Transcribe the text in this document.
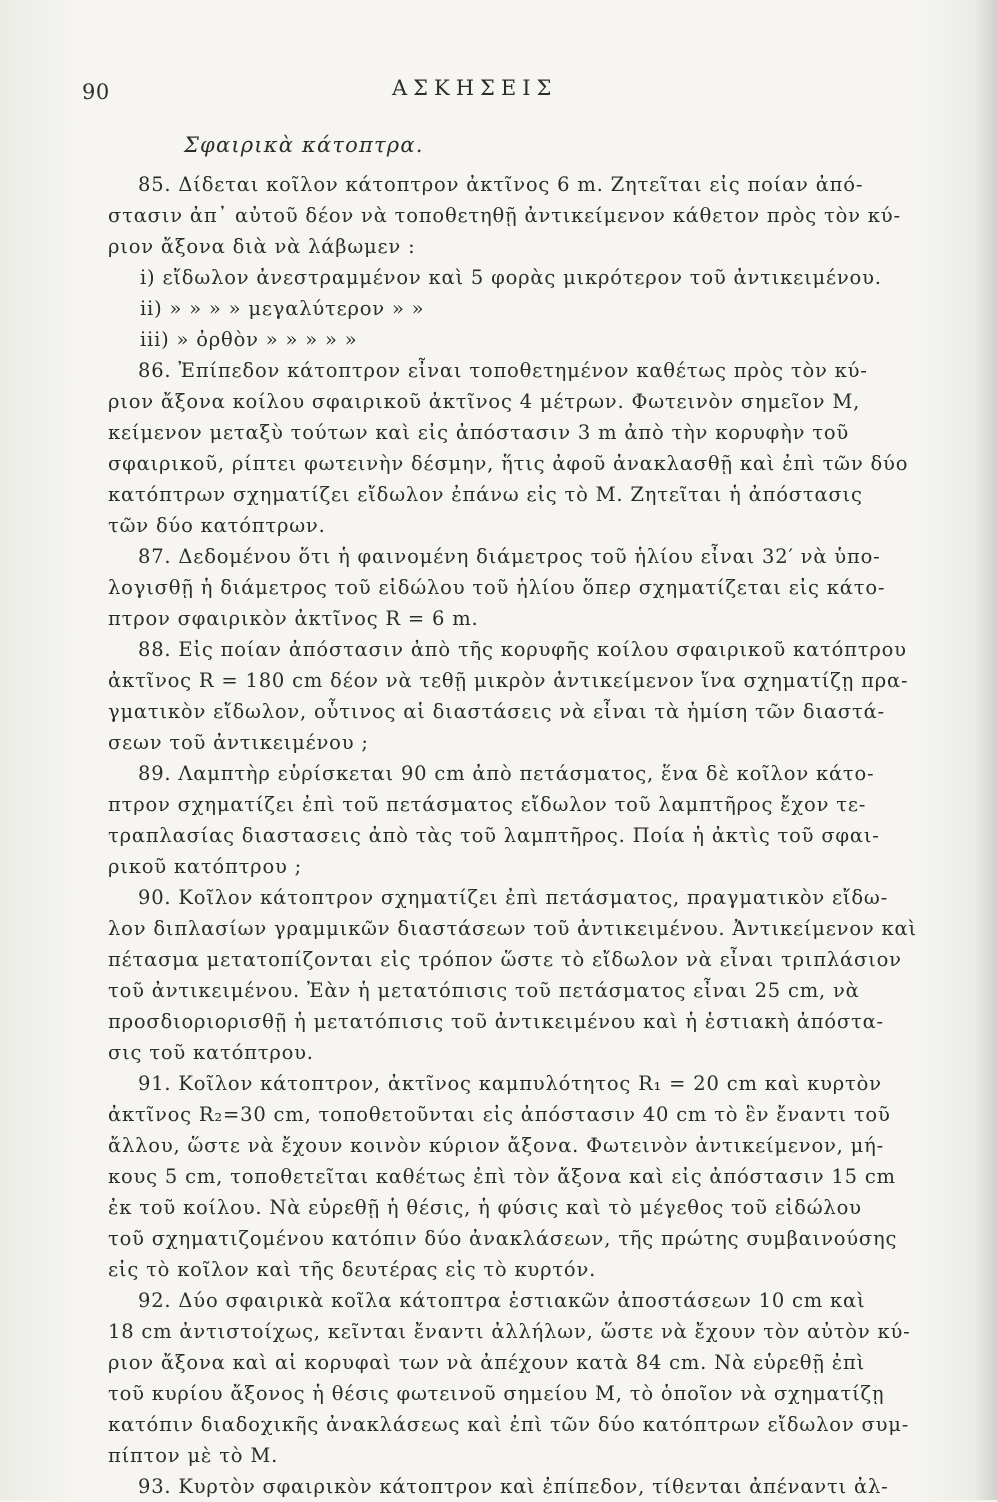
90	ΑΣΚΗΣΕΙΣ
Σφαιρικὰ κάτοπτρα.
85. Δίδεται κοῖλον κάτοπτρον ἀκτῖνος 6 m. Ζητεῖται εἰς ποίαν ἀπό-
στασιν ἀπ᾽ αὐτοῦ δέον νὰ τοποθετηθῇ ἀντικείμενον κάθετον πρὸς τὸν κύ-
ριον ἄξονα διὰ νὰ λάβωμεν :
i) εἴδωλον ἀνεστραμμένον καὶ 5 φορὰς μικρότερον τοῦ ἀντικειμένου.
ii) » » » » μεγαλύτερον » »
iii) » ὀρθὸν » » » » »
86. Ἐπίπεδον κάτοπτρον εἶναι τοποθετημένον καθέτως πρὸς τὸν κύ-
ριον ἄξονα κοίλου σφαιρικοῦ ἀκτῖνος 4 μέτρων. Φωτεινὸν σημεῖον Μ,
κείμενον μεταξὺ τούτων καὶ εἰς ἀπόστασιν 3 m ἀπὸ τὴν κορυφὴν τοῦ
σφαιρικοῦ, ρίπτει φωτεινὴν δέσμην, ἥτις ἀφοῦ ἀνακλασθῇ καὶ ἐπὶ τῶν δύο
κατόπτρων σχηματίζει εἴδωλον ἐπάνω εἰς τὸ Μ. Ζητεῖται ἡ ἀπόστασις
τῶν δύο κατόπτρων.
87. Δεδομένου ὅτι ἡ φαινομένη διάμετρος τοῦ ἡλίου εἶναι 32′ νὰ ὑπο-
λογισθῇ ἡ διάμετρος τοῦ εἰδώλου τοῦ ἡλίου ὅπερ σχηματίζεται εἰς κάτο-
πτρον σφαιρικὸν ἀκτῖνος R = 6 m.
88. Εἰς ποίαν ἀπόστασιν ἀπὸ τῆς κορυφῆς κοίλου σφαιρικοῦ κατόπτρου
ἀκτῖνος R = 180 cm δέον νὰ τεθῇ μικρὸν ἀντικείμενον ἵνα σχηματίζῃ πρα-
γματικὸν εἴδωλον, οὗτινος αἱ διαστάσεις νὰ εἶναι τὰ ἡμίση τῶν διαστά-
σεων τοῦ ἀντικειμένου ;
89. Λαμπτὴρ εὑρίσκεται 90 cm ἀπὸ πετάσματος, ἕνα δὲ κοῖλον κάτο-
πτρον σχηματίζει ἐπὶ τοῦ πετάσματος εἴδωλον τοῦ λαμπτῆρος ἔχον τε-
τραπλασίας διαστασεις ἀπὸ τὰς τοῦ λαμπτῆρος. Ποία ἡ ἀκτὶς τοῦ σφαι-
ρικοῦ κατόπτρου ;
90. Κοῖλον κάτοπτρον σχηματίζει ἐπὶ πετάσματος, πραγματικὸν εἴδω-
λον διπλασίων γραμμικῶν διαστάσεων τοῦ ἀντικειμένου. Ἀντικείμενον καὶ
πέτασμα μετατοπίζονται εἰς τρόπον ὥστε τὸ εἴδωλον νὰ εἶναι τριπλάσιον
τοῦ ἀντικειμένου. Ἐὰν ἡ μετατόπισις τοῦ πετάσματος εἶναι 25 cm, νὰ
προσδιοριορισθῇ ἡ μετατόπισις τοῦ ἀντικειμένου καὶ ἡ ἑστιακὴ ἀπόστα-
σις τοῦ κατόπτρου.
91. Κοῖλον κάτοπτρον, ἀκτῖνος καμπυλότητος R₁ = 20 cm καὶ κυρτὸν
ἀκτῖνος R₂=30 cm, τοποθετοῦνται εἰς ἀπόστασιν 40 cm τὸ ἓν ἔναντι τοῦ
ἄλλου, ὥστε νὰ ἔχουν κοινὸν κύριον ἄξονα. Φωτεινὸν ἀντικείμενον, μή-
κους 5 cm, τοποθετεῖται καθέτως ἐπὶ τὸν ἄξονα καὶ εἰς ἀπόστασιν 15 cm
ἐκ τοῦ κοίλου. Νὰ εὑρεθῇ ἡ θέσις, ἡ φύσις καὶ τὸ μέγεθος τοῦ εἰδώλου
τοῦ σχηματιζομένου κατόπιν δύο ἀνακλάσεων, τῆς πρώτης συμβαινούσης
εἰς τὸ κοῖλον καὶ τῆς δευτέρας εἰς τὸ κυρτόν.
92. Δύο σφαιρικὰ κοῖλα κάτοπτρα ἑστιακῶν ἀποστάσεων 10 cm καὶ
18 cm ἀντιστοίχως, κεῖνται ἔναντι ἀλλήλων, ὥστε νὰ ἔχουν τὸν αὐτὸν κύ-
ριον ἄξονα καὶ αἱ κορυφαὶ των νὰ ἀπέχουν κατὰ 84 cm. Νὰ εὑρεθῇ ἐπὶ
τοῦ κυρίου ἄξονος ἡ θέσις φωτεινοῦ σημείου Μ, τὸ ὁποῖον νὰ σχηματίζῃ
κατόπιν διαδοχικῆς ἀνακλάσεως καὶ ἐπὶ τῶν δύο κατόπτρων εἴδωλον συμ-
πίπτον μὲ τὸ Μ.
93. Κυρτὸν σφαιρικὸν κάτοπτρον καὶ ἐπίπεδον, τίθενται ἀπέναντι ἀλ-
